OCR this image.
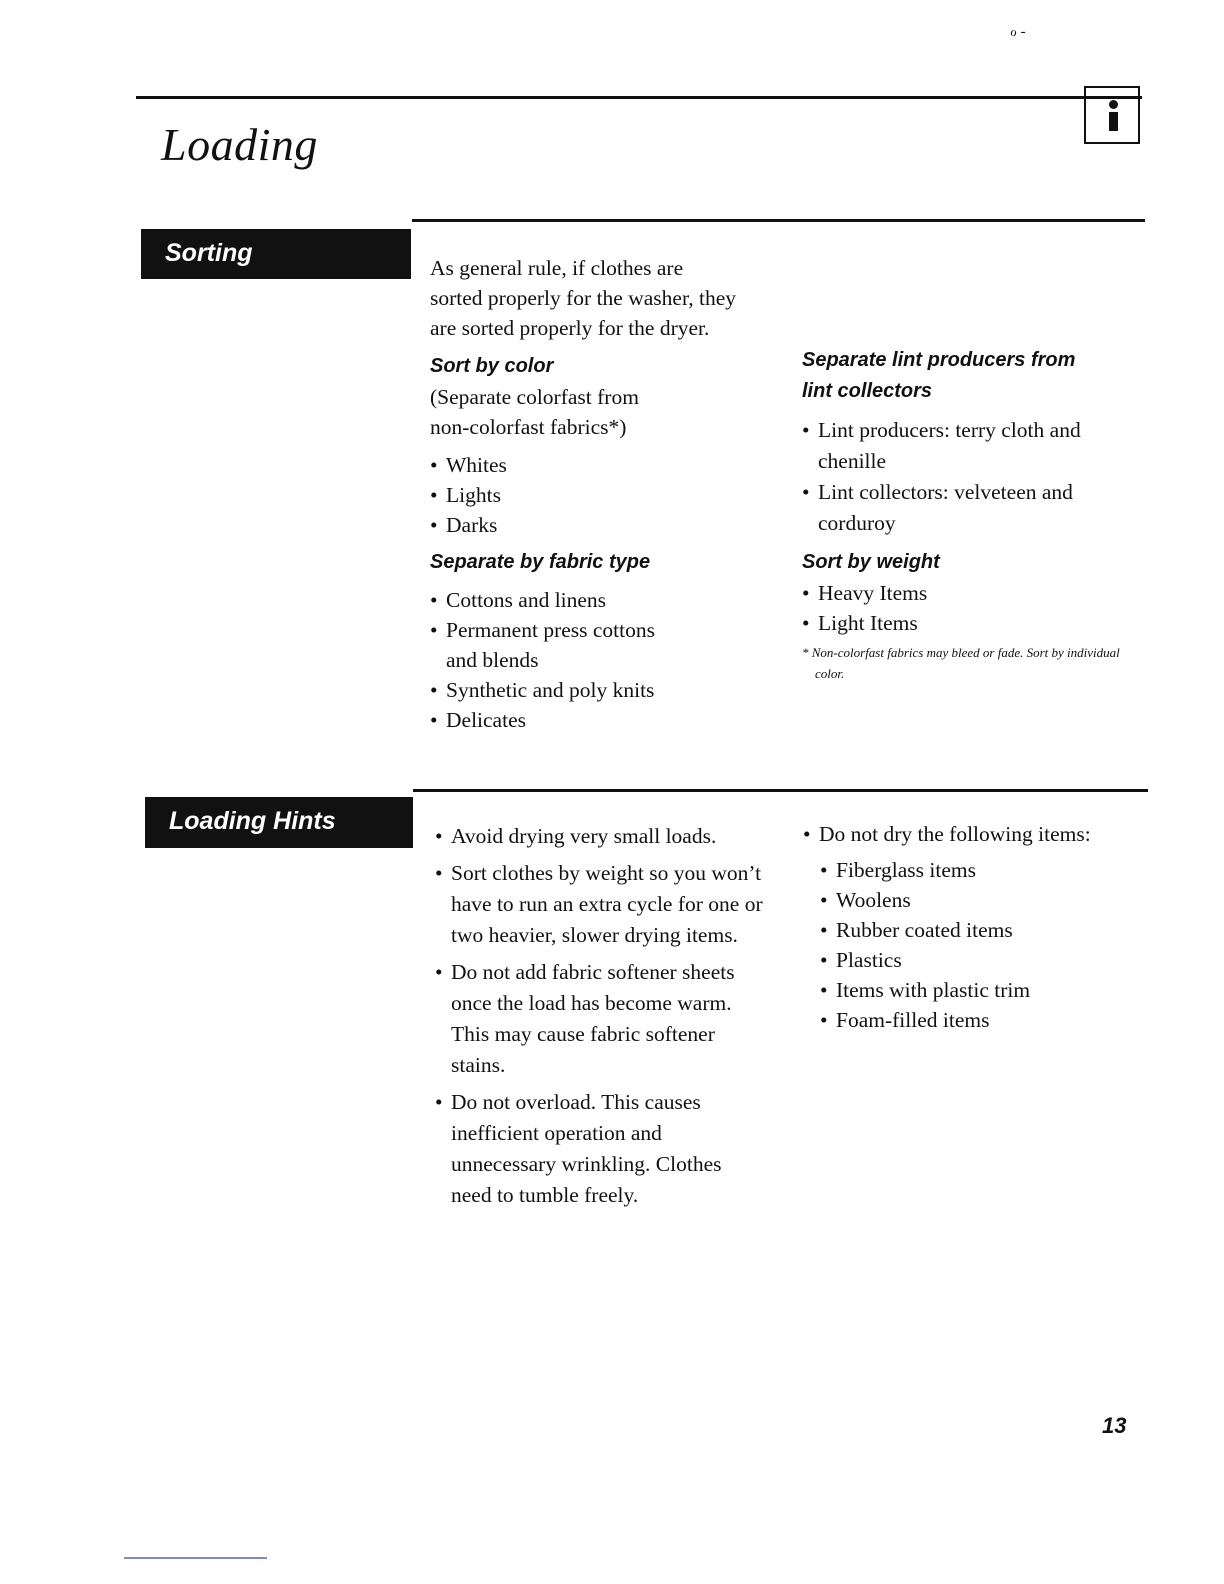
ℴ -
Loading
Sorting
As general rule, if clothes are
sorted properly for the washer, they
are sorted properly for the dryer.
Sort by color
(Separate colorfast from
non-colorfast fabrics*)
• Whites
• Lights
• Darks
Separate by fabric type
• Cottons and linens
• Permanent press cottons and blends
• Synthetic and poly knits
• Delicates
Separate lint producers from
lint collectors
• Lint producers: terry cloth and chenille
• Lint collectors: velveteen and corduroy
Sort by weight
• Heavy Items
• Light Items
* Non-colorfast fabrics may bleed or fade. Sort by individual color.
Loading Hints
• Avoid drying very small loads.
• Sort clothes by weight so you won’t have to run an extra cycle for one or two heavier, slower drying items.
• Do not add fabric softener sheets once the load has become warm. This may cause fabric softener stains.
• Do not overload. This causes inefficient operation and unnecessary wrinkling. Clothes need to tumble freely.
• Do not dry the following items:
• Fiberglass items
• Woolens
• Rubber coated items
• Plastics
• Items with plastic trim
• Foam-filled items
13
